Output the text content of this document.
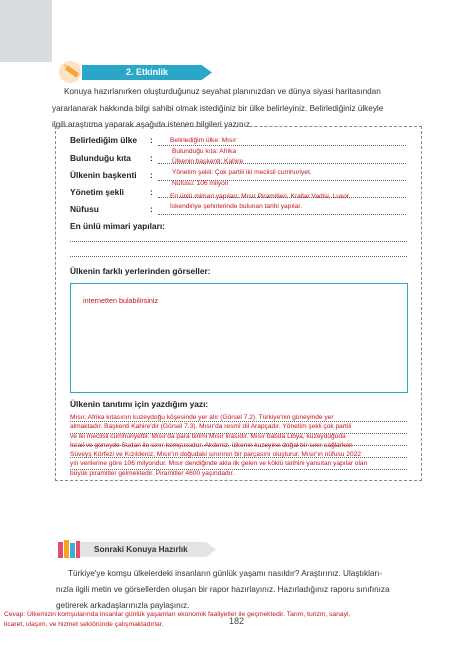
2. Etkinlik

Konuya hazırlanırken oluşturduğunuz seyahat planınızdan ve dünya siyasi haritasından
yararlanarak hakkında bilgi sahibi olmak istediğiniz bir ülke belirleyiniz. Belirlediğiniz ülkeyle
ilgili araştırma yaparak aşağıda istenen bilgileri yazınız.

Belirlediğim ülke :	Belirlediğim ülke: Mısır
Bulunduğu kıta :
Bulunduğu kıta: Afrika
Ülkenin başkenti :
Ülkenin başkenti: Kahire
Yönetim şekli	:
Yönetim şekli: Çok partili iki meclisli cumhuriyet.
Nüfusu	:
Nüfusu: 106 milyon
En ünlü mimari yapıları: Mısır Piramitleri, Krallar Vadisi, Luxor,
İskendiriye şehirlerinde bulunan tarihi yapılar.
En ünlü mimari yapıları:
Ülkenin farklı yerlerinden görseller:
internetten bulabilirsiniz
Ülkenin tanıtımı için yazdığım yazı:

Mısır, Afrika kıtasının kuzeydoğu köşesinde yer alır (Görsel 7.2). Türkiye'nin güneyinde yer
almaktadır. Başkenti Kahire'dir (Görsel 7.3). Mısır'da resmî dil Arapçadır. Yönetim şekli çok partili
ve iki meclisli cumhuriyettir. Mısır'da para birimi Mısır lirasıdır. Mısır batıda Libya, kuzeydoğuda
İsrail ve güneyde Sudan ile sınır komşusudur. Akdeniz, ülkenin kuzeyine doğal bir sınır sağlarken
Süveyş Körfezi ve Kızıldeniz, Mısır'ın doğudaki sınırının bir parçasını oluşturur. Mısır'ın nüfusu 2022
yılı verilerine göre 106 milyondur. Mısır dendiğinde akla ilk gelen ve köklü tarihini yansıtan yapılar olan
büyük piramitler gelmektedir. Piramitler 4600 yaşındadır.

Sonraki Konuya Hazırlık

Türkiye'ye komşu ülkelerdeki insanların günlük yaşamı nasıldır? Araştırınız. Ulaştıkları-
nızla ilgili metin ve görsellerden oluşan bir rapor hazırlayınız. Hazırladığınız raporu sınıfınıza
getirerek arkadaşlarınızla paylaşınız.

Cevap: Ülkemizin komşularında insanlar günlük yaşamları ekonomik faaliyetler ile geçmektedir. Tarım, turizm, sanayi,
ticaret, ulaşım, ve hizmet sektöründe çalışmaktadırlar.	182
